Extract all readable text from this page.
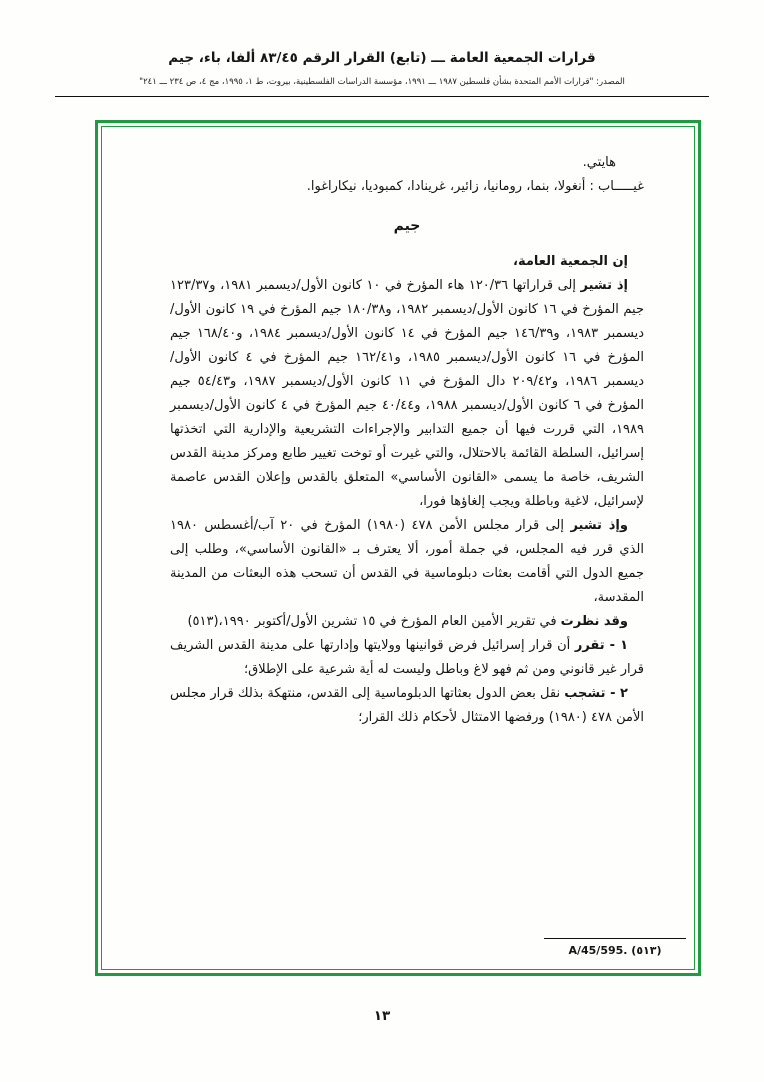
قرارات الجمعية العامة ـــ (تابع) القرار الرقم ٨٣/٤٥ ألفا، باء، جيم
المصدر: "قرارات الأمم المتحدة بشأن فلسطين ١٩٨٧ ـــ ١٩٩١، مؤسسة الدراسات الفلسطينية، بيروت، ط ١، ١٩٩٥، مج ٤، ص ٢٣٤ ـــ ٢٤١"

هايتي.

غيـــــاب : أنغولا، بنما، رومانيا، زائير، غرينادا، كمبوديا، نيكاراغوا.

جيم

إن الجمعية العامة،

إذ تشير إلى قراراتها ١٢٠/٣٦ هاء المؤرخ في ١٠ كانون الأول/ديسمبر ١٩٨١، و١٢٣/٣٧ جيم المؤرخ في ١٦ كانون الأول/ديسمبر ١٩٨٢، و١٨٠/٣٨ جيم المؤرخ في ١٩ كانون الأول/ديسمبر ١٩٨٣، و١٤٦/٣٩ جيم المؤرخ في ١٤ كانون الأول/ديسمبر ١٩٨٤، و١٦٨/٤٠ جيم المؤرخ في ١٦ كانون الأول/ديسمبر ١٩٨٥، و١٦٢/٤١ جيم المؤرخ في ٤ كانون الأول/ديسمبر ١٩٨٦، و٢٠٩/٤٢ دال المؤرخ في ١١ كانون الأول/ديسمبر ١٩٨٧، و٥٤/٤٣ جيم المؤرخ في ٦ كانون الأول/ديسمبر ١٩٨٨، و٤٠/٤٤ جيم المؤرخ في ٤ كانون الأول/ديسمبر ١٩٨٩، التي قررت فيها أن جميع التدابير والإجراءات التشريعية والإدارية التي اتخذتها إسرائيل، السلطة القائمة بالاحتلال، والتي غيرت أو توخت تغيير طابع ومركز مدينة القدس الشريف، خاصة ما يسمى «القانون الأساسي» المتعلق بالقدس وإعلان القدس عاصمة لإسرائيل، لاغية وباطلة ويجب إلغاؤها فورا،

وإذ تشير إلى قرار مجلس الأمن ٤٧٨ (١٩٨٠) المؤرخ في ٢٠ آب/أغسطس ١٩٨٠ الذي قرر فيه المجلس، في جملة أمور، ألا يعترف بـ «القانون الأساسي»، وطلب إلى جميع الدول التي أقامت بعثات دبلوماسية في القدس أن تسحب هذه البعثات من المدينة المقدسة،

وقد نظرت في تقرير الأمين العام المؤرخ في ١٥ تشرين الأول/أكتوبر ١٩٩٠،(٥١٣)

١ - تقرر أن قرار إسرائيل فرض قوانينها وولايتها وإدارتها على مدينة القدس الشريف قرار غير قانوني ومن ثم فهو لاغ وباطل وليست له أية شرعية على الإطلاق؛

٢ - تشجب نقل بعض الدول بعثاتها الدبلوماسية إلى القدس، منتهكة بذلك قرار مجلس الأمن ٤٧٨ (١٩٨٠) ورفضها الامتثال لأحكام ذلك القرار؛

A/45/595. (٥١٣)
١٣
